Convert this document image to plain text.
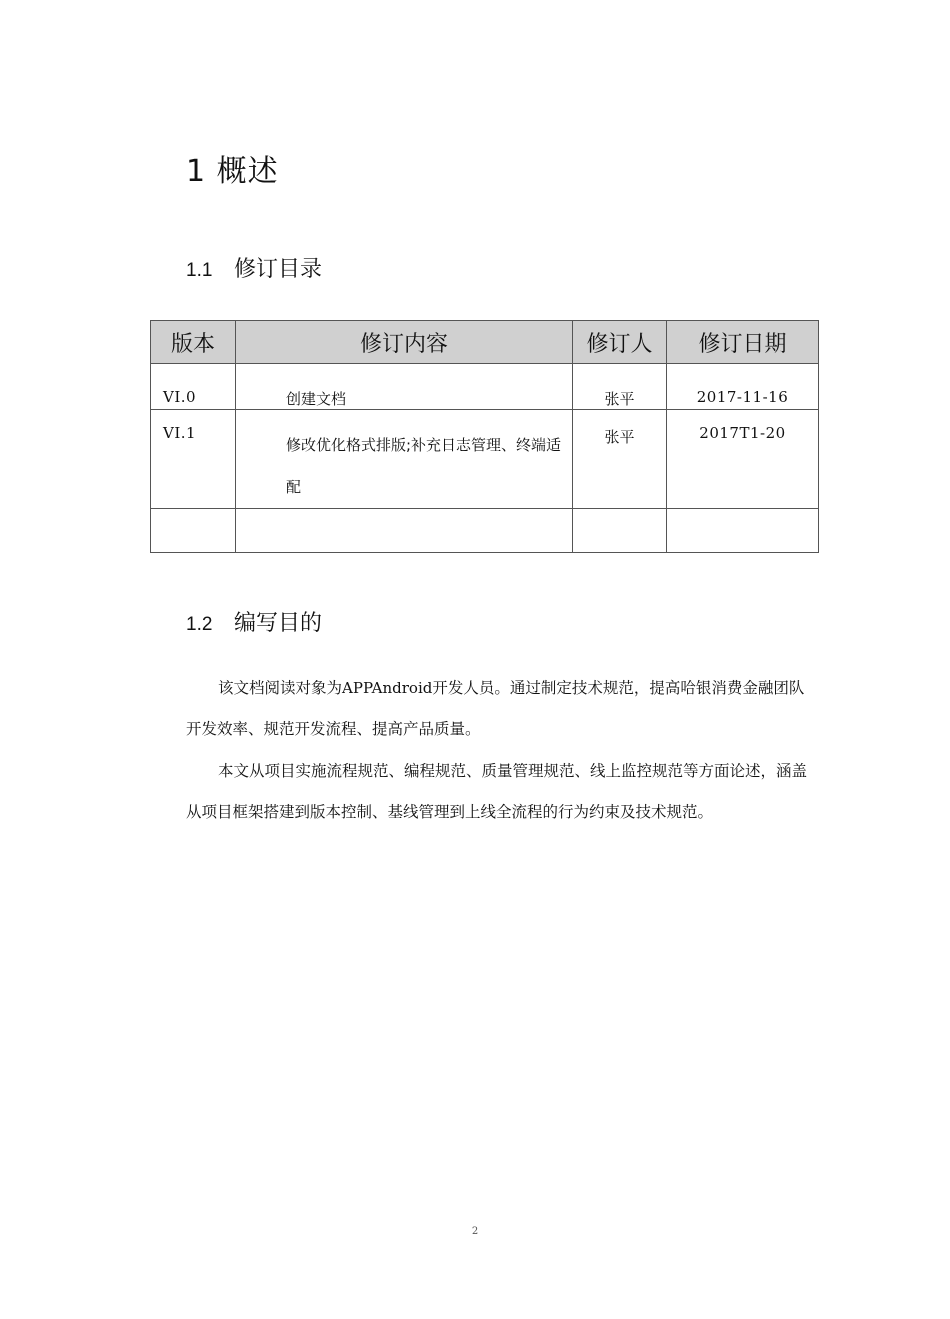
1 概述
1.1 修订目录
版本	修订内容	修订人	修订日期
VI.0	创建文档	张平	2017-11-16
VI.1	修改优化格式排版;补充日志管理、终端适配	张平	2017T1-20

1.2 编写目的
该文档阅读对象为APPAndroid开发人员。通过制定技术规范，提高哈银消费金融团队开发效率、规范开发流程、提高产品质量。
本文从项目实施流程规范、编程规范、质量管理规范、线上监控规范等方面论述，涵盖从项目框架搭建到版本控制、基线管理到上线全流程的行为约束及技术规范。
2
